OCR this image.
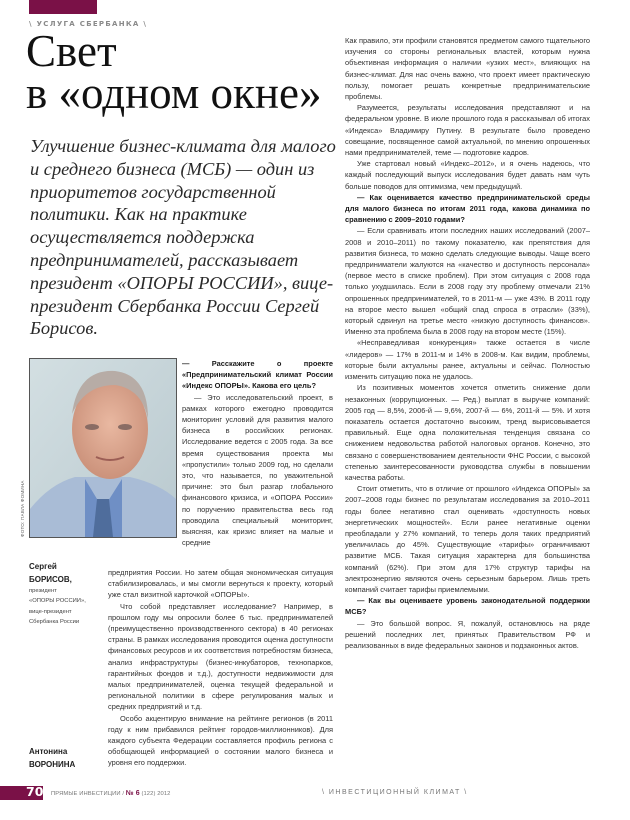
\ УСЛУГА СБЕРБАНКА \
Свет
в «одном окне»
Улучшение бизнес-климата для малого и среднего бизнеса (МСБ) — один из приоритетов государственной политики. Как на практике осуществляется поддержка предпринимателей, рассказывает президент «ОПОРЫ РОССИИ», вице-президент Сбербанка России Сергей Борисов.
ФОТО: ПАВЛА ФОМИНА
Сергей
БОРИСОВ,
президент
«ОПОРЫ РОССИИ»,
вице-президент
Сбербанка России
Антонина
ВОРОНИНА

— Расскажите о проекте «Предпринимательский климат России «Индекс ОПОРЫ». Какова его цель?

— Это исследовательский проект, в рамках которого ежегодно проводится мониторинг условий для развития малого бизнеса в российских регионах. Исследование ведется с 2005 года. За все время существования проекта мы «пропустили» только 2009 год, но сделали это, что называется, по уважительной причине: это был разгар глобального финансового кризиса, и «ОПОРА России» по поручению правительства весь год проводила специальный мониторинг, выясняя, как кризис влияет на малые и средние

предприятия России. Но затем общая экономическая ситуация стабилизировалась, и мы смогли вернуться к проекту, который уже стал визитной карточкой «ОПОРЫ».

Что собой представляет исследование? Например, в прошлом году мы опросили более 6 тыс. предпринимателей (преимущественно производственного сектора) в 40 регионах страны. В рамках исследования проводится оценка доступности финансовых ресурсов и их соответствия потребностям бизнеса, анализ инфраструктуры (бизнес-инкубаторов, технопарков, гарантийных фондов и т.д.), доступности недвижимости для малых предпринимателей, оценка текущей федеральной и региональной политики в сфере регулирования малых и средних предприятий и т.д.

Особо акцентирую внимание на рейтинге регионов (в 2011 году к ним прибавился рейтинг городов-миллионников). Для каждого субъекта Федерации составляется профиль региона с обобщающей информацией о состоянии малого бизнеса и уровня его поддержки.

Как правило, эти профили становятся предметом самого тщательного изучения со стороны региональных властей, которым нужна объективная информация о наличии «узких мест», влияющих на бизнес-климат. Для нас очень важно, что проект имеет практическую пользу, помогает решать конкретные предпринимательские проблемы.

Разумеется, результаты исследования представляют и на федеральном уровне. В июле прошлого года я рассказывал об итогах «Индекса» Владимиру Путину. В результате было проведено совещание, посвященное самой актуальной, по мнению опрошенных нами предпринимателей, теме — подготовке кадров.

Уже стартовал новый «Индекс–2012», и я очень надеюсь, что каждый последующий выпуск исследования будет давать нам чуть больше поводов для оптимизма, чем предыдущий.

— Как оценивается качество предпринимательской среды для малого бизнеса по итогам 2011 года, какова динамика по сравнению с 2009–2010 годами?

— Если сравнивать итоги последних наших исследований (2007–2008 и 2010–2011) по такому показателю, как препятствия для развития бизнеса, то можно сделать следующие выводы. Чаще всего предприниматели жалуются на «качество и доступность персонала» (первое место в списке проблем). При этом ситуация с 2008 года только ухудшилась. Если в 2008 году эту проблему отмечали 21% опрошенных предпринимателей, то в 2011-м — уже 43%. В 2011 году на второе место вышел «общий спад спроса в отрасли» (33%), который сдвинул на третье место «низкую доступность финансов». Именно эта проблема была в 2008 году на втором месте (15%).

«Несправедливая конкуренция» также остается в числе «лидеров» — 17% в 2011-м и 14% в 2008-м. Как видим, проблемы, которые были актуальны ранее, актуальны и сейчас. Полностью изменить ситуацию пока не удалось.

Из позитивных моментов хочется отметить снижение доли незаконных (коррупционных. — Ред.) выплат в выручке компаний: 2005 год — 8,5%, 2006-й — 9,6%, 2007-й — 6%, 2011-й — 5%. И хотя показатель остается достаточно высоким, тренд вырисовывается правильный. Еще одна положительная тенденция связана со снижением недовольства работой налоговых органов. Конечно, это связано с совершенствованием деятельности ФНС России, с высокой степенью заинтересованности руководства службы в повышении качества работы.

Стоит отметить, что в отличие от прошлого «Индекса ОПОРЫ» за 2007–2008 годы бизнес по результатам исследования за 2010–2011 годы более негативно стал оценивать «доступность новых энергетических мощностей». Если ранее негативные оценки преобладали у 27% компаний, то теперь доля таких предприятий увеличилась до 45%. Существующие «тарифы» ограничивают развитие МСБ. Такая ситуация характерна для большинства компаний (62%). При этом для 17% структур тарифы на электроэнергию являются очень серьезным барьером. Лишь треть компаний считает тарифы приемлемыми.

— Как вы оцениваете уровень законодательной поддержки МСБ?

— Это большой вопрос. Я, пожалуй, остановлюсь на ряде решений последних лет, принятых Правительством РФ и реализованных в виде федеральных законов и подзаконных актов.

70 ПРЯМЫЕ ИНВЕСТИЦИИ / № 6 (122) 2012	\ ИНВЕСТИЦИОННЫЙ КЛИМАТ \
